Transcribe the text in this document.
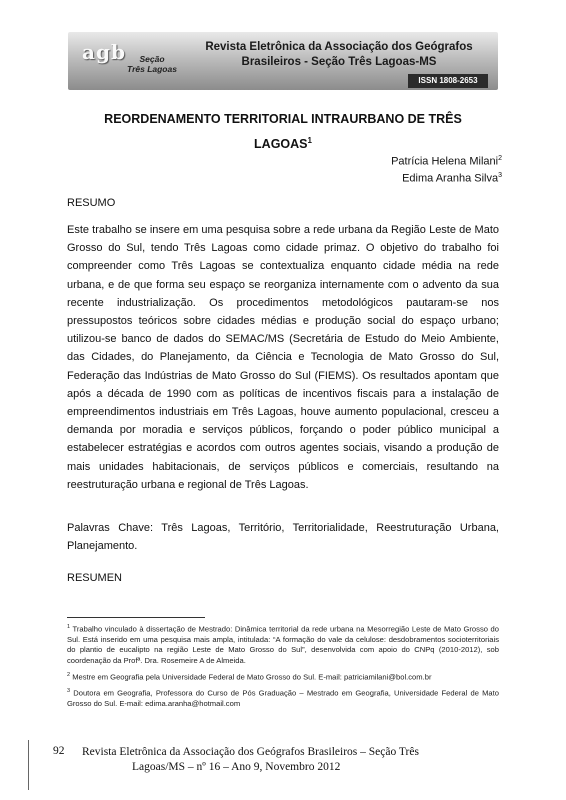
agb	Seção
Três Lagoas
Revista Eletrônica da Associação dos Geógrafos
Brasileiros - Seção Três Lagoas-MS
ISSN 1808-2653
REORDENAMENTO TERRITORIAL INTRAURBANO DE TRÊS
LAGOAS$^1$
Patrícia Helena Milani$^2$
Edima Aranha Silva$^3$
RESUMO

Este trabalho se insere em uma pesquisa sobre a rede urbana da Região Leste de Mato Grosso do Sul, tendo Três Lagoas como cidade primaz. O objetivo do trabalho foi compreender como Três Lagoas se contextualiza enquanto cidade média na rede urbana, e de que forma seu espaço se reorganiza internamente com o advento da sua recente industrialização. Os procedimentos metodológicos pautaram-se nos pressupostos teóricos sobre cidades médias e produção social do espaço urbano; utilizou-se banco de dados do SEMAC/MS (Secretária de Estudo do Meio Ambiente, das Cidades, do Planejamento, da Ciência e Tecnologia de Mato Grosso do Sul, Federação das Indústrias de Mato Grosso do Sul (FIEMS). Os resultados apontam que após a década de 1990 com as políticas de incentivos fiscais para a instalação de empreendimentos industriais em Três Lagoas, houve aumento populacional, cresceu a demanda por moradia e serviços públicos, forçando o poder público municipal a estabelecer estratégias e acordos com outros agentes sociais, visando a produção de mais unidades habitacionais, de serviços públicos e comerciais, resultando na reestruturação urbana e regional de Três Lagoas.

Palavras Chave: Três Lagoas, Território, Territorialidade, Reestruturação Urbana, Planejamento.

RESUMEN

$^1$ Trabalho vinculado à dissertação de Mestrado: Dinâmica territorial da rede urbana na Mesorregião Leste de Mato Grosso do Sul. Está inserido em uma pesquisa mais ampla, intitulada: “A formação do vale da celulose: desdobramentos socioterritoriais do plantio de eucalipto na região Leste de Mato Grosso do Sul”, desenvolvida com apoio do CNPq (2010-2012), sob coordenação da Profª. Dra. Rosemeire A de Almeida.

$^2$ Mestre em Geografia pela Universidade Federal de Mato Grosso do Sul. E-mail: patriciamilani@bol.com.br

$^3$ Doutora em Geografia, Professora do Curso de Pós Graduação – Mestrado em Geografia, Universidade Federal de Mato Grosso do Sul. E-mail: edima.aranha@hotmail.com

92 Revista Eletrônica da Associação dos Geógrafos Brasileiros – Seção Três
Lagoas/MS – nº 16 – Ano 9, Novembro 2012
